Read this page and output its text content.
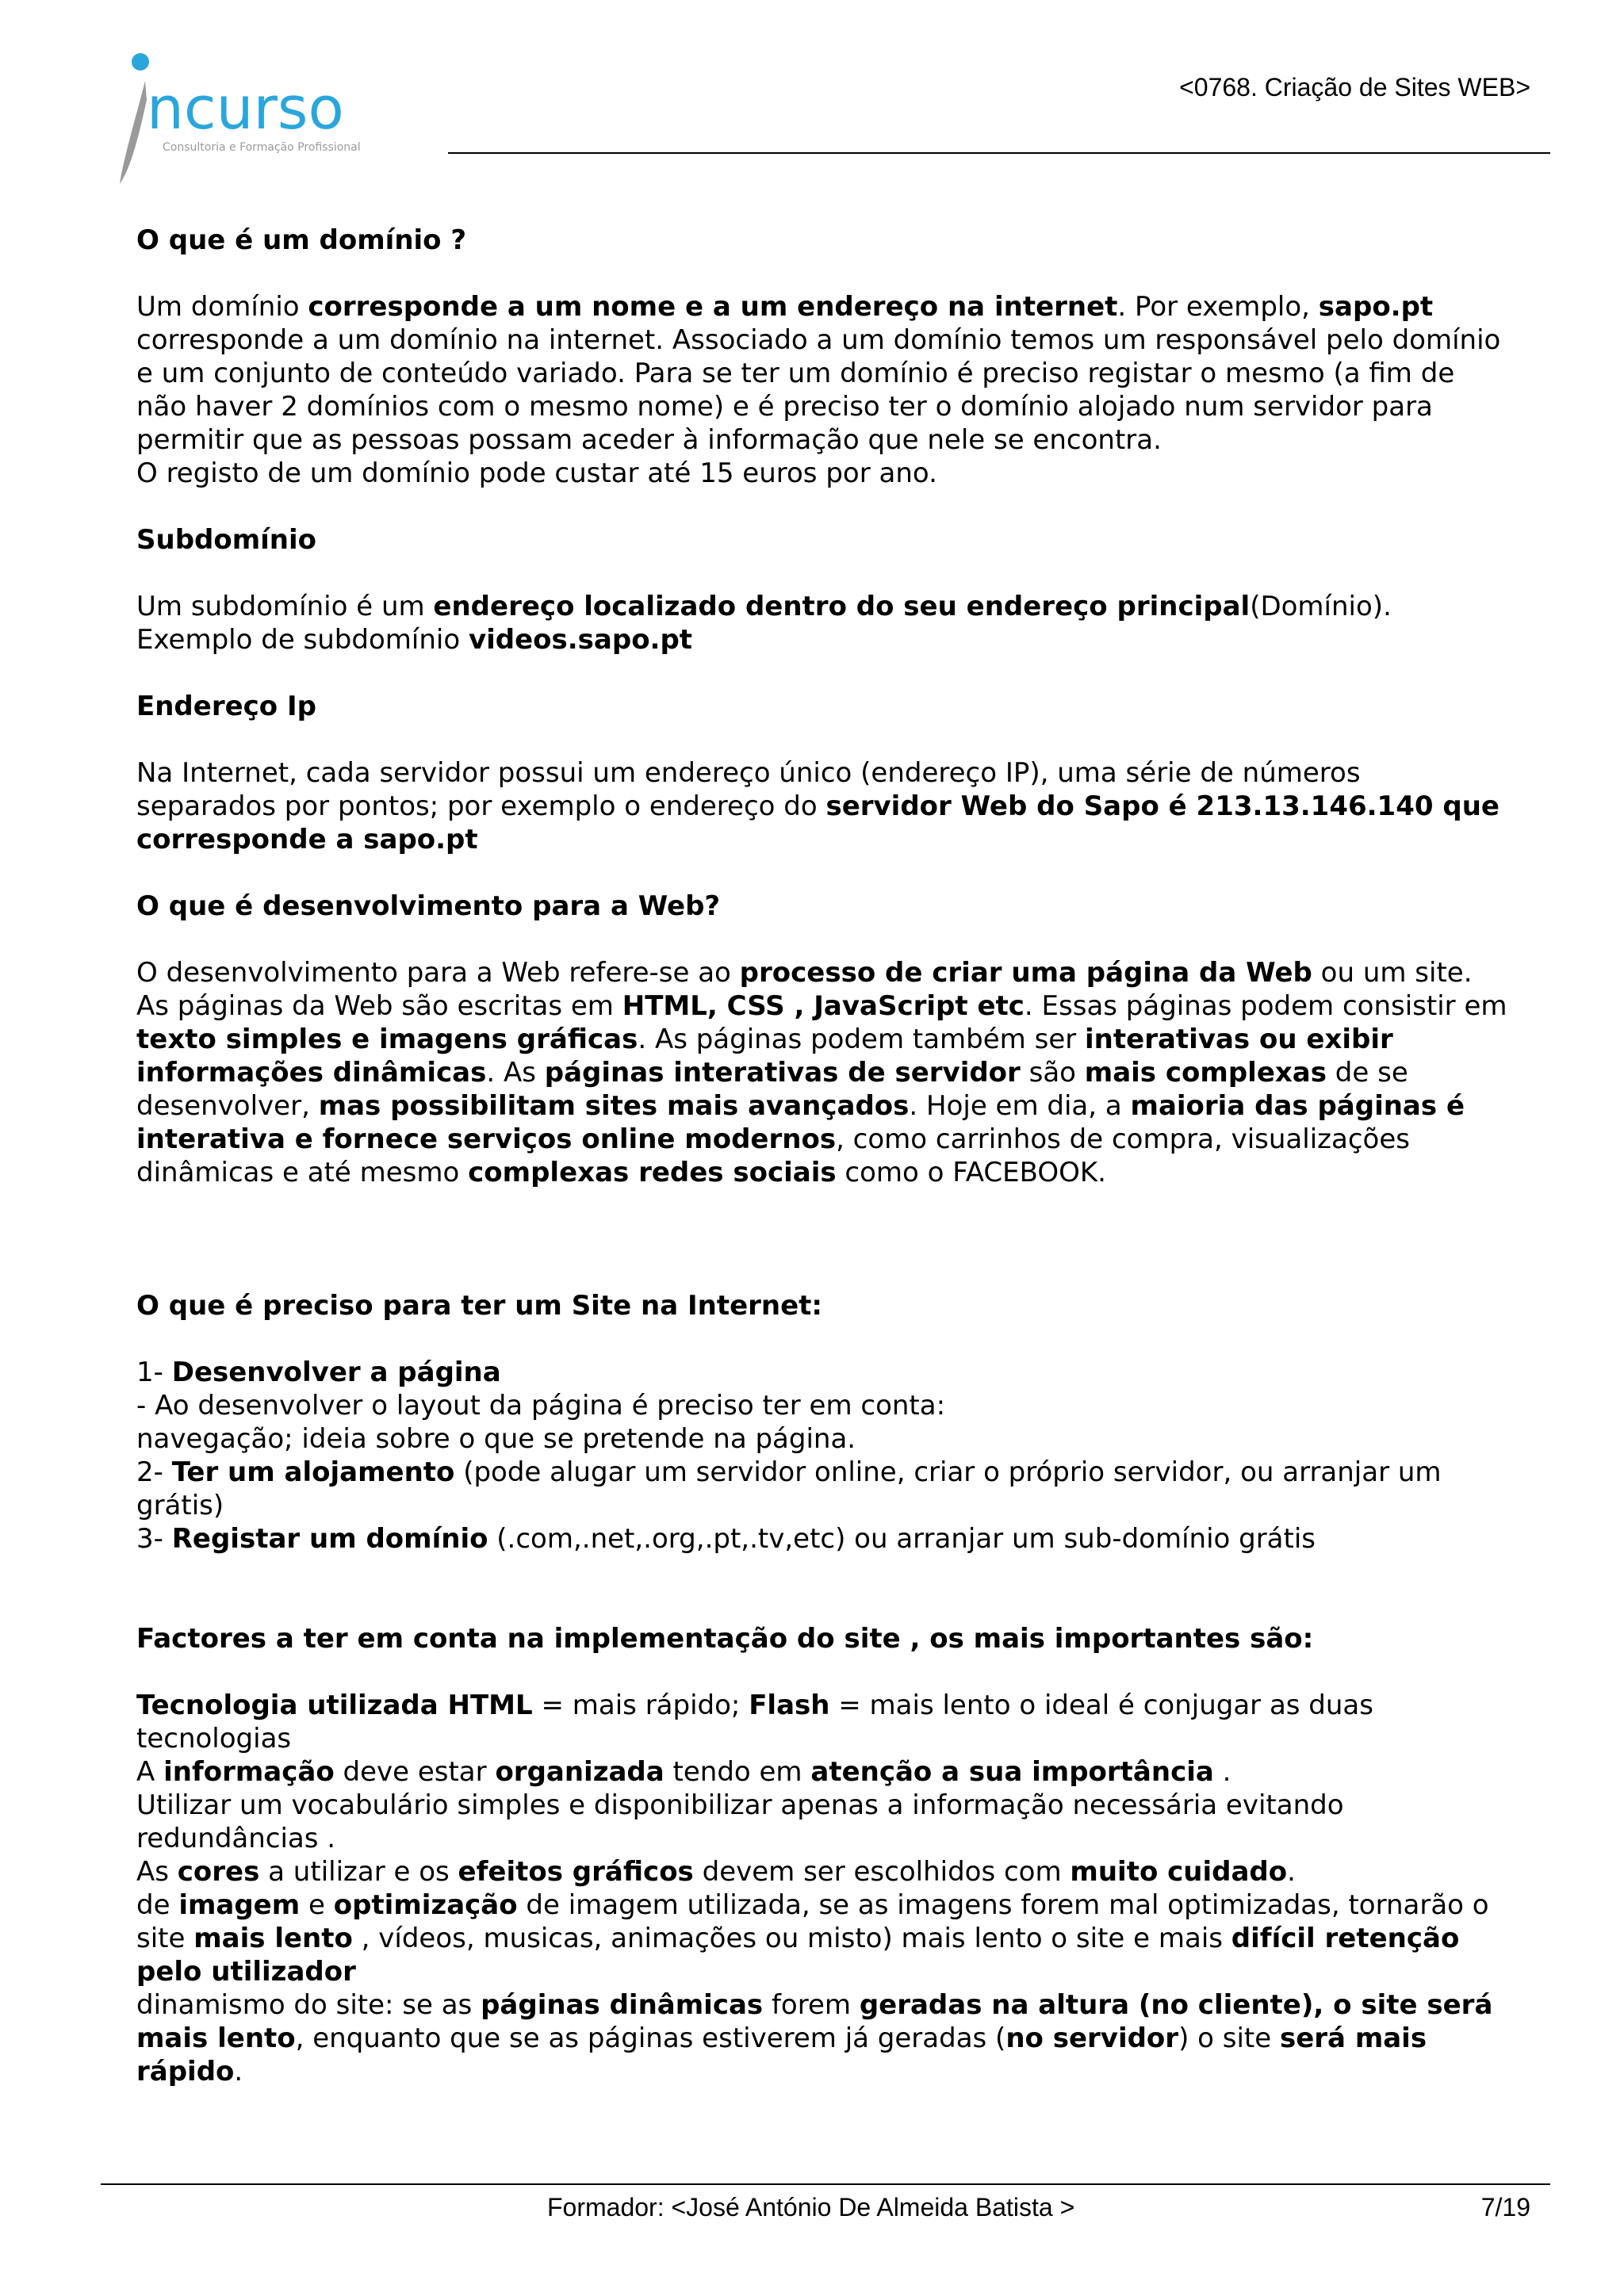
ncurso
Consultoria e Formação Profissional
<0768. Criação de Sites WEB>

O que é um domínio ?

Um domínio corresponde a um nome e a um endereço na internet. Por exemplo, sapo.pt

corresponde a um domínio na internet. Associado a um domínio temos um responsável pelo domínio

e um conjunto de conteúdo variado. Para se ter um domínio é preciso registar o mesmo (a fim de

não haver 2 domínios com o mesmo nome) e é preciso ter o domínio alojado num servidor para

permitir que as pessoas possam aceder à informação que nele se encontra.

O registo de um domínio pode custar até 15 euros por ano.

Subdomínio

Um subdomínio é um endereço localizado dentro do seu endereço principal(Domínio).

Exemplo de subdomínio videos.sapo.pt

Endereço Ip

Na Internet, cada servidor possui um endereço único (endereço IP), uma série de números

separados por pontos; por exemplo o endereço do servidor Web do Sapo é 213.13.146.140 que

corresponde a sapo.pt

O que é desenvolvimento para a Web?

O desenvolvimento para a Web refere-se ao processo de criar uma página da Web ou um site.

As páginas da Web são escritas em HTML, CSS , JavaScript etc. Essas páginas podem consistir em

texto simples e imagens gráficas. As páginas podem também ser interativas ou exibir

informações dinâmicas. As páginas interativas de servidor são mais complexas de se

desenvolver, mas possibilitam sites mais avançados. Hoje em dia, a maioria das páginas é

interativa e fornece serviços online modernos, como carrinhos de compra, visualizações

dinâmicas e até mesmo complexas redes sociais como o FACEBOOK.

O que é preciso para ter um Site na Internet:

1- Desenvolver a página

- Ao desenvolver o layout da página é preciso ter em conta:

navegação; ideia sobre o que se pretende na página.

2- Ter um alojamento (pode alugar um servidor online, criar o próprio servidor, ou arranjar um

grátis)

3- Registar um domínio (.com,.net,.org,.pt,.tv,etc) ou arranjar um sub-domínio grátis

Factores a ter em conta na implementação do site , os mais importantes são:

Tecnologia utilizada HTML = mais rápido; Flash = mais lento o ideal é conjugar as duas

tecnologias

A informação deve estar organizada tendo em atenção a sua importância .

Utilizar um vocabulário simples e disponibilizar apenas a informação necessária evitando

redundâncias .

As cores a utilizar e os efeitos gráficos devem ser escolhidos com muito cuidado.

de imagem e optimização de imagem utilizada, se as imagens forem mal optimizadas, tornarão o

site mais lento , vídeos, musicas, animações ou misto) mais lento o site e mais difícil retenção

pelo utilizador

dinamismo do site: se as páginas dinâmicas forem geradas na altura (no cliente), o site será

mais lento, enquanto que se as páginas estiverem já geradas (no servidor) o site será mais

rápido.

Formador: <José António De Almeida Batista >	7/19
